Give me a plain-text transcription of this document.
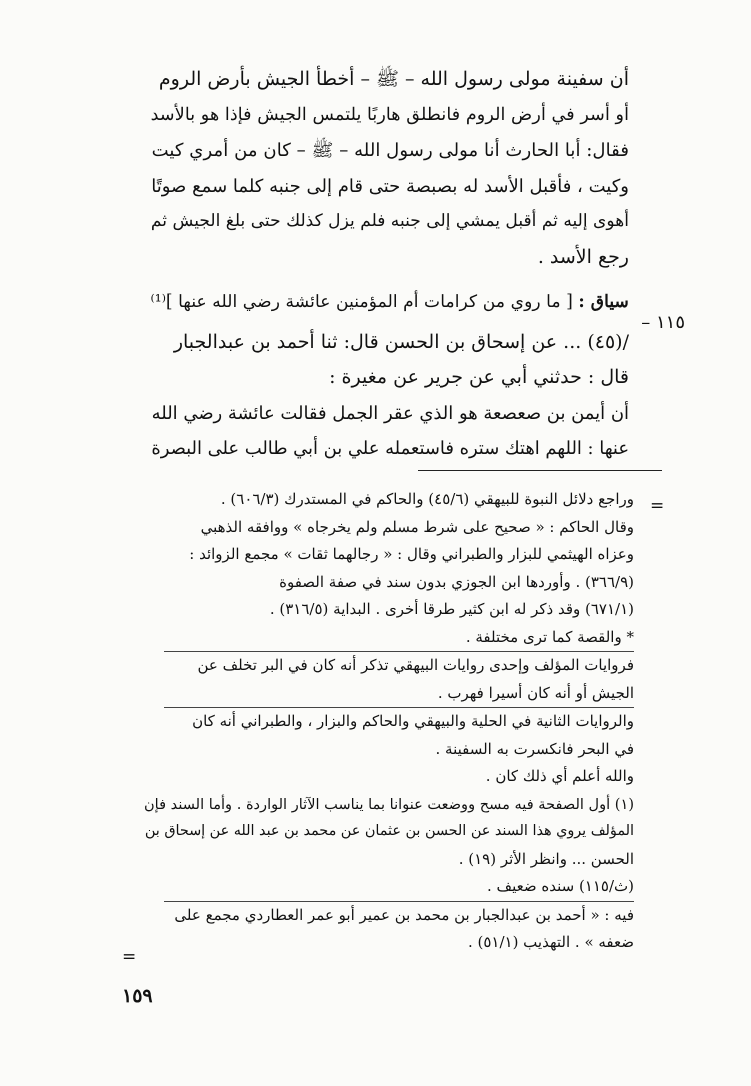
أن سفينة مولى رسول الله – ﷺ – أخطأ الجيش بأرض الروم
أو أسر في أرض الروم فانطلق هاربًا يلتمس الجيش فإذا هو بالأسد
فقال: أبا الحارث أنا مولى رسول الله – ﷺ – كان من أمري كيت
وكيت ، فأقبل الأسد له بصبصة حتى قام إلى جنبه كلما سمع صوتًا
أهوى إليه ثم أقبل يمشي إلى جنبه فلم يزل كذلك حتى بلغ الجيش ثم
رجع الأسد .
سياق : [ ما روي من كرامات أم المؤمنين عائشة رضي الله عنها ]⁽¹⁾
/(٤٥) ... عن إسحاق بن الحسن قال: ثنا أحمد بن عبدالجبار
قال : حدثني أبي عن جرير عن مغيرة :
أن أيمن بن صعصعة هو الذي عقر الجمل فقالت عائشة رضي الله
عنها : اللهم اهتك ستره فاستعمله علي بن أبي طالب على البصرة
١١٥ –
=
وراجع دلائل النبوة للبيهقي (٤٥/٦) والحاكم في المستدرك (٦٠٦/٣) .
وقال الحاكم : « صحيح على شرط مسلم ولم يخرجاه » ووافقه الذهبي
وعزاه الهيثمي للبزار والطبراني وقال : « رجالهما ثقات » مجمع الزوائد :
(٣٦٦/٩) . وأوردها ابن الجوزي بدون سند في صفة الصفوة
(٦٧١/١) وقد ذكر له ابن كثير طرقا أخرى . البداية (٣١٦/٥) .
* والقصة كما ترى مختلفة .
فروايات المؤلف وإحدى روايات البيهقي تذكر أنه كان في البر تخلف عن
الجيش أو أنه كان أسيرا فهرب .
والروايات الثانية في الحلية والبيهقي والحاكم والبزار ، والطبراني أنه كان
في البحر فانكسرت به السفينة .
والله أعلم أي ذلك كان .
(١) أول الصفحة فيه مسح ووضعت عنوانا بما يناسب الآثار الواردة . وأما السند فإن
المؤلف يروي هذا السند عن الحسن بن عثمان عن محمد بن عبد الله عن إسحاق بن
الحسن ... وانظر الأثر (١٩) .
(ث/١١٥) سنده ضعيف .
فيه : « أحمد بن عبدالجبار بن محمد بن عمير أبو عمر العطاردي مجمع على
ضعفه » . التهذيب (٥١/١) .
=
١٥٩
